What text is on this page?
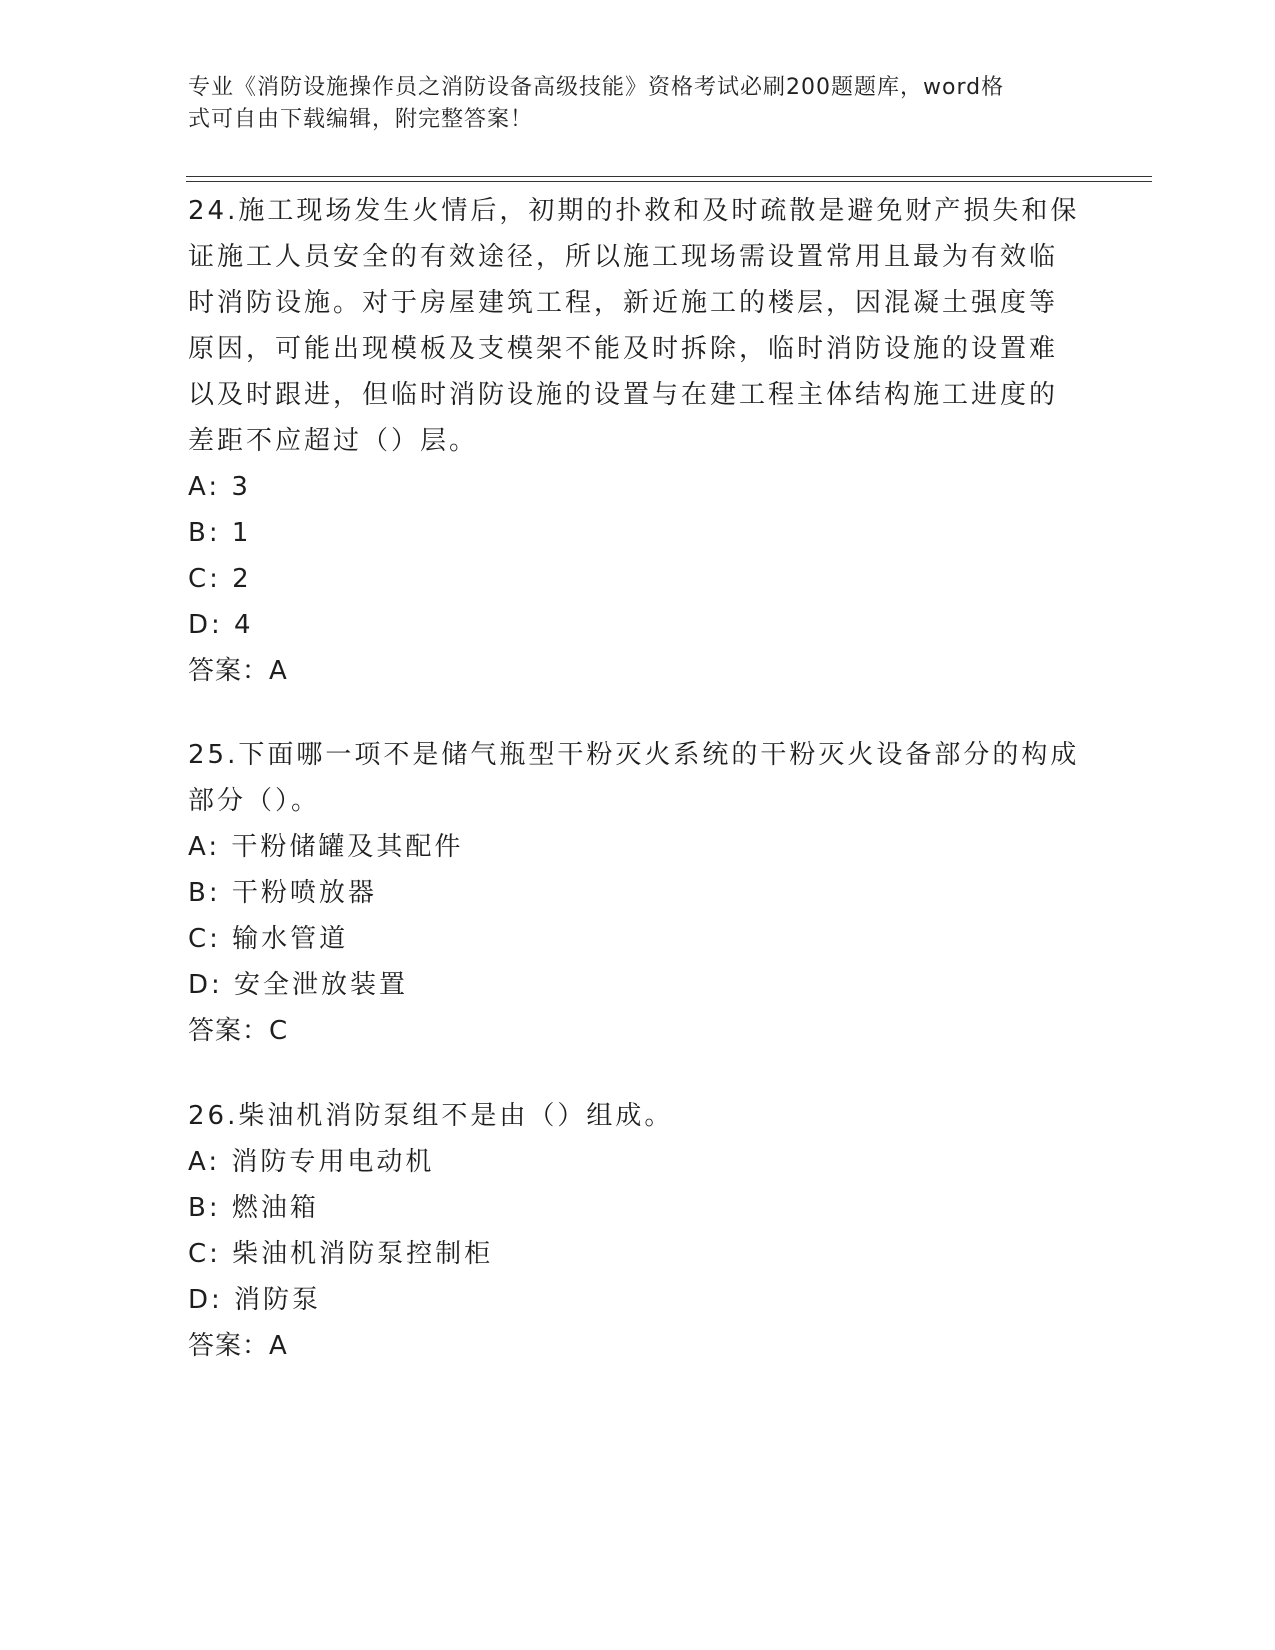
专业《消防设施操作员之消防设备高级技能》资格考试必刷200题题库，word格
式可自由下载编辑，附完整答案！
24.施工现场发生火情后，初期的扑救和及时疏散是避免财产损失和保
证施工人员安全的有效途径，所以施工现场需设置常用且最为有效临
时消防设施。对于房屋建筑工程，新近施工的楼层，因混凝土强度等
原因，可能出现模板及支模架不能及时拆除，临时消防设施的设置难
以及时跟进，但临时消防设施的设置与在建工程主体结构施工进度的
差距不应超过（）层。
A: 3
B: 1
C: 2
D: 4
答案：A
25.下面哪一项不是储气瓶型干粉灭火系统的干粉灭火设备部分的构成
部分（）。
A: 干粉储罐及其配件
B: 干粉喷放器
C: 输水管道
D: 安全泄放装置
答案：C
26.柴油机消防泵组不是由（）组成。
A: 消防专用电动机
B: 燃油箱
C: 柴油机消防泵控制柜
D: 消防泵
答案：A
